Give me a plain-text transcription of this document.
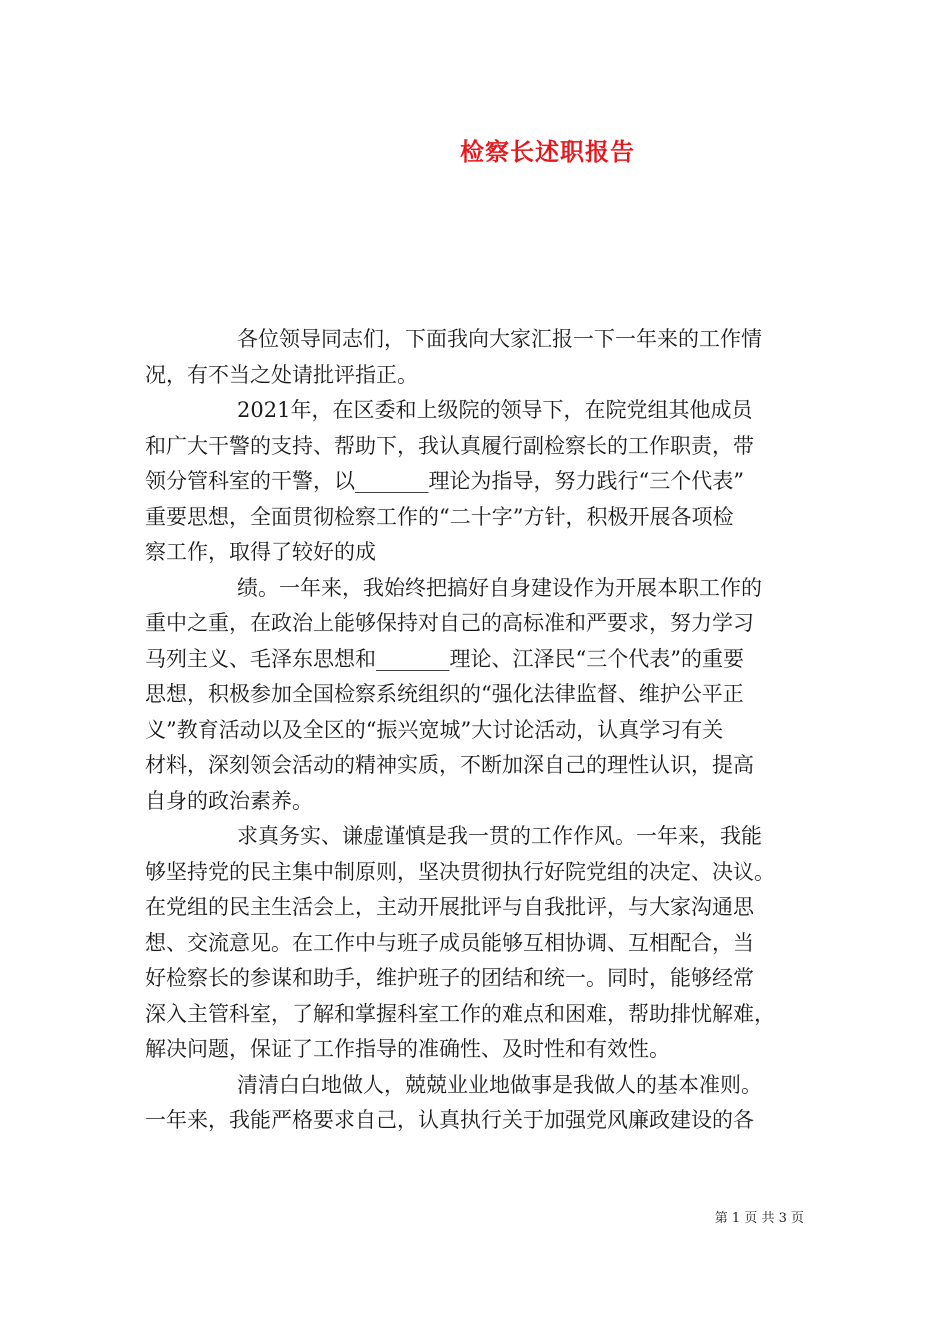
检察长述职报告
各位领导同志们，下面我向大家汇报一下一年来的工作情
况，有不当之处请批评指正。
2021年，在区委和上级院的领导下，在院党组其他成员
和广大干警的支持、帮助下，我认真履行副检察长的工作职责，带
领分管科室的干警，以_______理论为指导，努力践行“三个代表”
重要思想，全面贯彻检察工作的“二十字”方针，积极开展各项检
察工作，取得了较好的成
绩。一年来，我始终把搞好自身建设作为开展本职工作的
重中之重，在政治上能够保持对自己的高标准和严要求，努力学习
马列主义、毛泽东思想和_______理论、江泽民“三个代表”的重要
思想，积极参加全国检察系统组织的“强化法律监督、维护公平正
义”教育活动以及全区的“振兴宽城”大讨论活动，认真学习有关
材料，深刻领会活动的精神实质，不断加深自己的理性认识，提高
自身的政治素养。
求真务实、谦虚谨慎是我一贯的工作作风。一年来，我能
够坚持党的民主集中制原则，坚决贯彻执行好院党组的决定、决议。
在党组的民主生活会上，主动开展批评与自我批评，与大家沟通思
想、交流意见。在工作中与班子成员能够互相协调、互相配合，当
好检察长的参谋和助手，维护班子的团结和统一。同时，能够经常
深入主管科室，了解和掌握科室工作的难点和困难，帮助排忧解难，
解决问题，保证了工作指导的准确性、及时性和有效性。
清清白白地做人，兢兢业业地做事是我做人的基本准则。
一年来，我能严格要求自己，认真执行关于加强党风廉政建设的各
第 1 页 共 3 页
